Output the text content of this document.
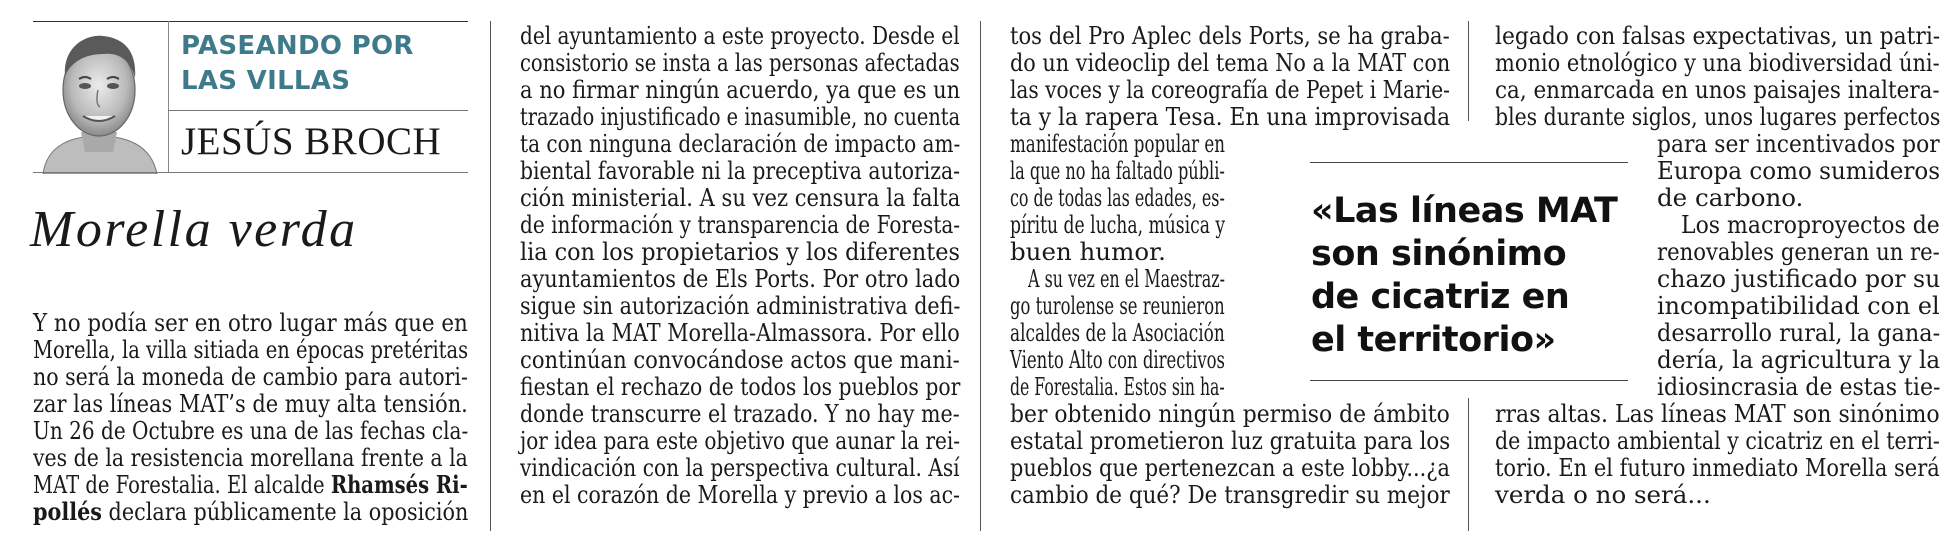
PASEANDO POR
LAS VILLAS
JESÚS BROCH
Morella verda
Y no podía ser en otro lugar más que en
Morella, la villa sitiada en épocas pretéritas
no será la moneda de cambio para autori-
zar las líneas MAT’s de muy alta tensión.
Un 26 de Octubre es una de las fechas cla-
ves de la resistencia morellana frente a la
MAT de Forestalia. El alcalde Rhamsés Ri-
pollés declara públicamente la oposición
del ayuntamiento a este proyecto. Desde el
consistorio se insta a las personas afectadas
a no firmar ningún acuerdo, ya que es un
trazado injustificado e inasumible, no cuenta
ta con ninguna declaración de impacto am-
biental favorable ni la preceptiva autoriza-
ción ministerial. A su vez censura la falta
de información y transparencia de Foresta-
lia con los propietarios y los diferentes
ayuntamientos de Els Ports. Por otro lado
sigue sin autorización administrativa defi-
nitiva la MAT Morella-Almassora. Por ello
continúan convocándose actos que mani-
fiestan el rechazo de todos los pueblos por
donde transcurre el trazado. Y no hay me-
jor idea para este objetivo que aunar la rei-
vindicación con la perspectiva cultural. Así
en el corazón de Morella y previo a los ac-
tos del Pro Aplec dels Ports, se ha graba-
do un videoclip del tema No a la MAT con
las voces y la coreografía de Pepet i Marie-
ta y la rapera Tesa. En una improvisada
manifestación popular en
la que no ha faltado públi-
co de todas las edades, es-
píritu de lucha, música y
buen humor.
A su vez en el Maestraz-
go turolense se reunieron
alcaldes de la Asociación
Viento Alto con directivos
de Forestalia. Estos sin ha-
ber obtenido ningún permiso de ámbito
estatal prometieron luz gratuita para los
pueblos que pertenezcan a este lobby...¿a
cambio de qué? De transgredir su mejor
«Las líneas MAT
son sinónimo
de cicatriz en
el territorio»
legado con falsas expectativas, un patri-
monio etnológico y una biodiversidad úni-
ca, enmarcada en unos paisajes inaltera-
bles durante siglos, unos lugares perfectos
para ser incentivados por
Europa como sumideros
de carbono.
Los macroproyectos de
renovables generan un re-
chazo justificado por su
incompatibilidad con el
desarrollo rural, la gana-
dería, la agricultura y la
idiosincrasia de estas tie-
rras altas. Las líneas MAT son sinónimo
de impacto ambiental y cicatriz en el terri-
torio. En el futuro inmediato Morella será
verda o no será...
